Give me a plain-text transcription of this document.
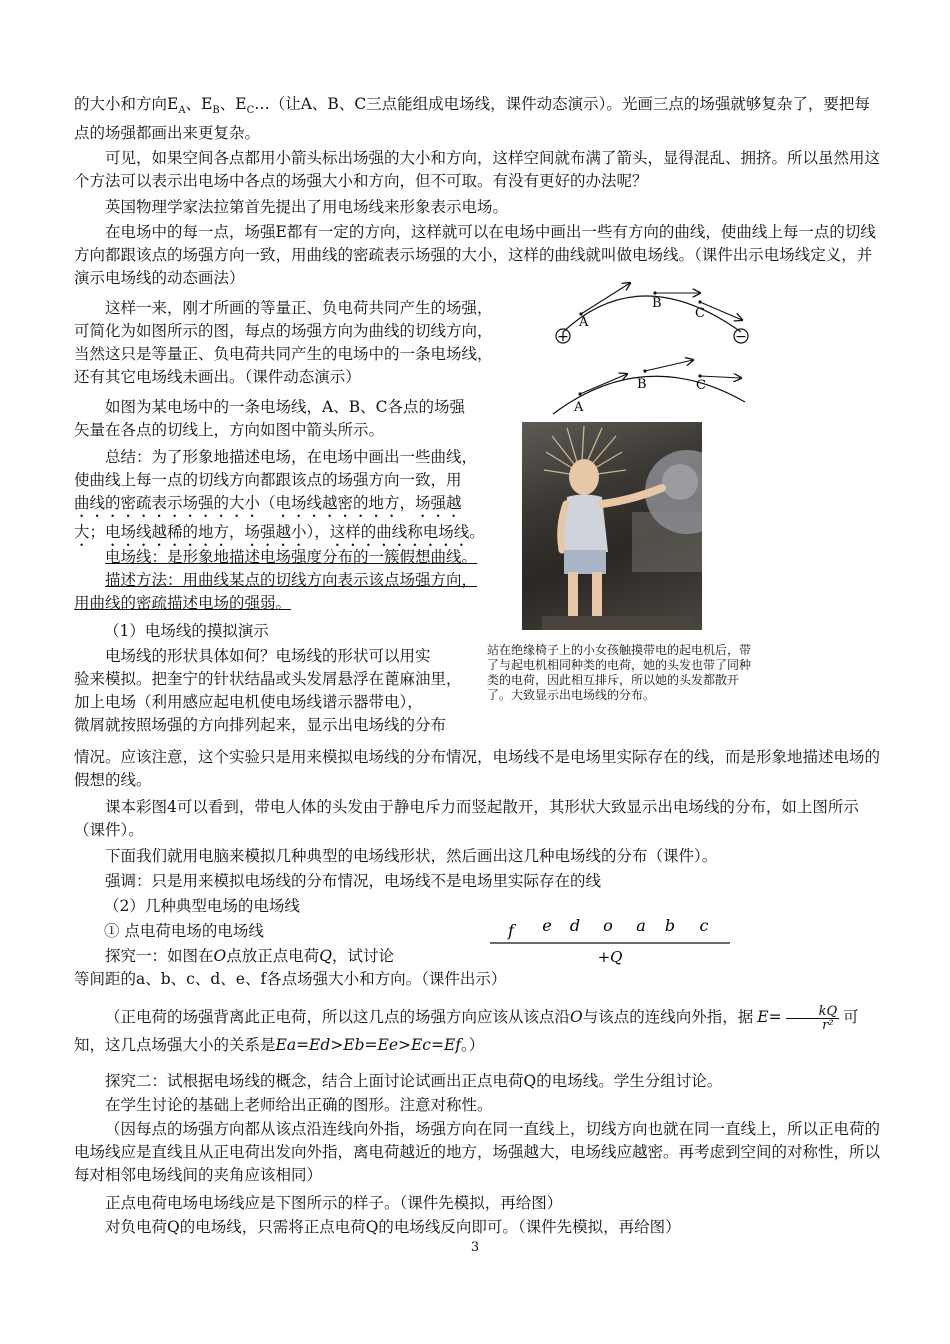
的大小和方向$E_A$、$E_B$、$E_C\dots$（让A、B、C三点能组成电场线，课件动态演示）。光画三点的场强就够复杂了，要把每点的场强都画出来更复杂。

可见，如果空间各点都用小箭头标出场强的大小和方向，这样空间就布满了箭头，显得混乱、拥挤。所以虽然用这个方法可以表示出电场中各点的场强大小和方向，但不可取。有没有更好的办法呢？

英国物理学家法拉第首先提出了用电场线来形象表示电场。

在电场中的每一点，场强E都有一定的方向，这样就可以在电场中画出一些有方向的曲线，使曲线上每一点的切线方向都跟该点的场强方向一致，用曲线的密疏表示场强的大小，这样的曲线就叫做电场线。（课件出示电场线定义，并演示电场线的动态画法）

这样一来，刚才所画的等量正、负电荷共同产生的场强，
可简化为如图所示的图，每点的场强方向为曲线的切线方向，
当然这只是等量正、负电荷共同产生的电场中的一条电场线，
还有其它电场线未画出。（课件动态演示）
如图为某电场中的一条电场线，A、B、C各点的场强
矢量在各点的切线上，方向如图中箭头所示。
总结：为了形象地描述电场，在电场中画出一些曲线，
使曲线上每一点的切线方向都跟该点的场强方向一致，用
曲线的密疏表示场强的大小（电场线越密的地方，场强越
大；电场线越稀的地方，场强越小），这样的曲线称电场线。
电场线：是形象地描述电场强度分布的一簇假想曲线。
描述方法：用曲线某点的切线方向表示该点场强方向，
用曲线的密疏描述电场的强弱。

（1）电场线的摸拟演示

电场线的形状具体如何？电场线的形状可以用实
验来模拟。把奎宁的针状结晶或头发屑悬浮在蓖麻油里，
加上电场（利用感应起电机使电场线谱示器带电），
微屑就按照场强的方向排列起来，显示出电场线的分布

情况。应该注意，这个实验只是用来模拟电场线的分布情况，电场线不是电场里实际存在的线，而是形象地描述电场的假想的线。

课本彩图4可以看到，带电人体的头发由于静电斥力而竖起散开，其形状大致显示出电场线的分布，如上图所示（课件）。

下面我们就用电脑来模拟几种典型的电场线形状，然后画出这几种电场线的分布（课件）。

强调：只是用来模拟电场线的分布情况，电场线不是电场里实际存在的线

（2）几种典型电场的电场线

① 点电荷电场的电场线

探究一：如图在O点放正点电荷Q，试讨论

等间距的a、b、c、d、e、f各点场强大小和方向。（课件出示）

（正电荷的场强背离此正电荷，所以这几点的场强方向应该从该点沿O与该点的连线向外指，据 $E= \frac{kQ}{\text{r²}}$ 可
知，这几点场强大小的关系是Ea=Ed>Eb=Ee>Ec=Ef。）

探究二：试根据电场线的概念，结合上面讨论试画出正点电荷Q的电场线。学生分组讨论。

在学生讨论的基础上老师给出正确的图形。注意对称性。

（因每点的场强方向都从该点沿连线向外指，场强方向在同一直线上，切线方向也就在同一直线上，所以正电荷的电场线应是直线且从正电荷出发向外指，离电荷越近的地方，场强越大，电场线应越密。再考虑到空间的对称性，所以每对相邻电场线间的夹角应该相同）

正点电荷电场电场线应是下图所示的样子。（课件先模拟，再给图）

对负电荷Q的电场线，只需将正点电荷Q的电场线反向即可。（课件先模拟，再给图）

3
+	−
A
B
C
A
B	C
站在绝缘椅子上的小女孩触摸带电的起电机后，带了与起电机相同种类的电荷，她的头发也带了同种类的电荷，因此相互排斥，所以她的头发都散开了。大致显示出电场线的分布。
f e d o a b c
+Q
